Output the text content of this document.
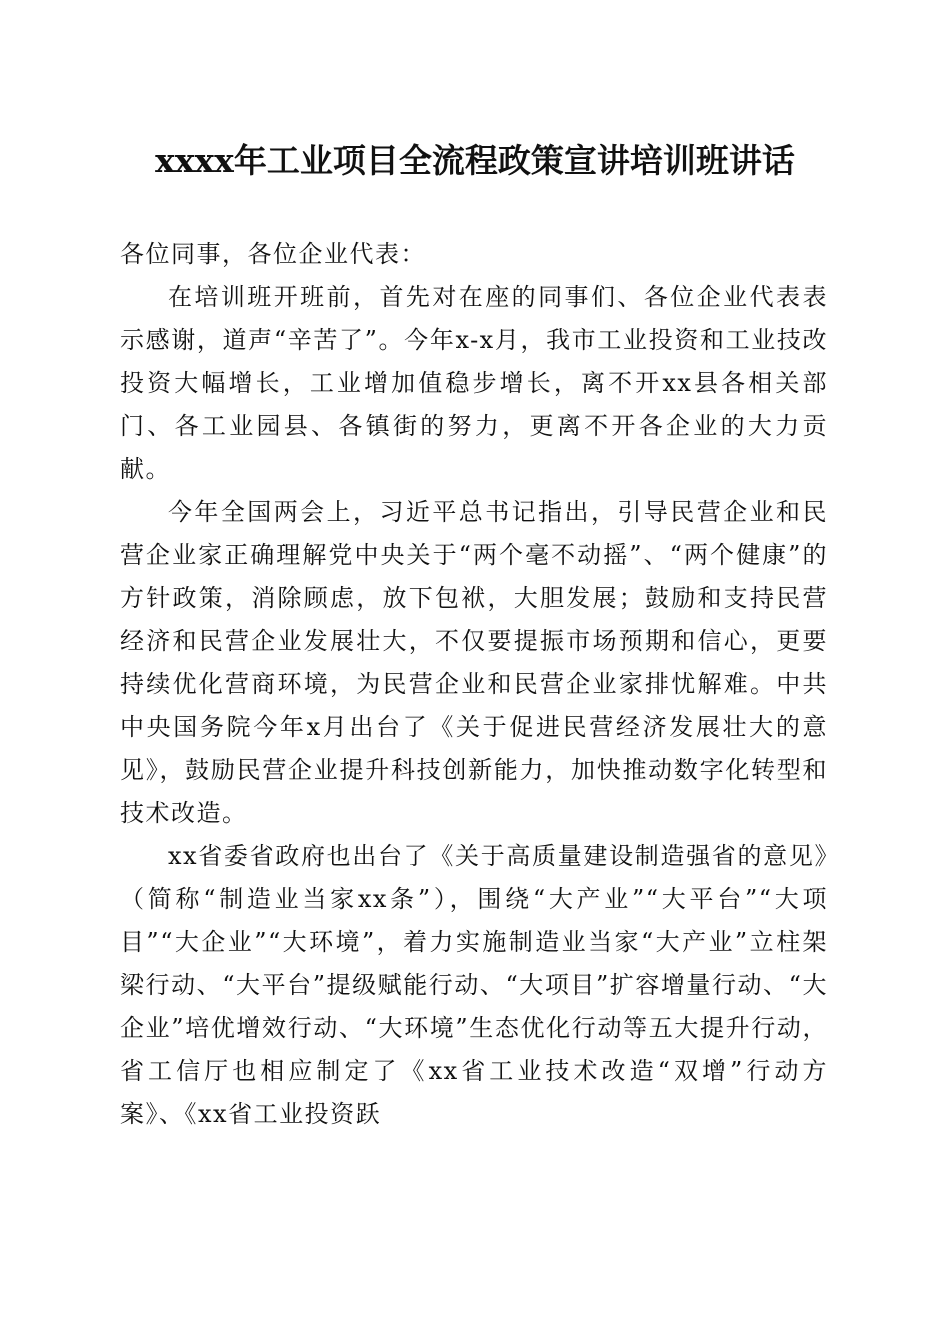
xxxx年工业项目全流程政策宣讲培训班讲话

各位同事，各位企业代表：

在培训班开班前，首先对在座的同事们、各位企业代表表示感谢，道声“辛苦了”。今年x-x月，我市工业投资和工业技改投资大幅增长，工业增加值稳步增长，离不开xx县各相关部门、各工业园县、各镇街的努力，更离不开各企业的大力贡献。

今年全国两会上，习近平总书记指出，引导民营企业和民营企业家正确理解党中央关于“两个毫不动摇”、“两个健康”的方针政策，消除顾虑，放下包袱，大胆发展；鼓励和支持民营经济和民营企业发展壮大，不仅要提振市场预期和信心，更要持续优化营商环境，为民营企业和民营企业家排忧解难。中共中央国务院今年x月出台了《关于促进民营经济发展壮大的意见》，鼓励民营企业提升科技创新能力，加快推动数字化转型和技术改造。

xx省委省政府也出台了《关于高质量建设制造强省的意见》（简称“制造业当家xx条”），围绕“大产业”“大平台”“大项目”“大企业”“大环境”，着力实施制造业当家“大产业”立柱架梁行动、“大平台”提级赋能行动、“大项目”扩容增量行动、“大企业”培优增效行动、“大环境”生态优化行动等五大提升行动，省工信厅也相应制定了《xx省工业技术改造“双增”行动方案》、《xx省工业投资跃
